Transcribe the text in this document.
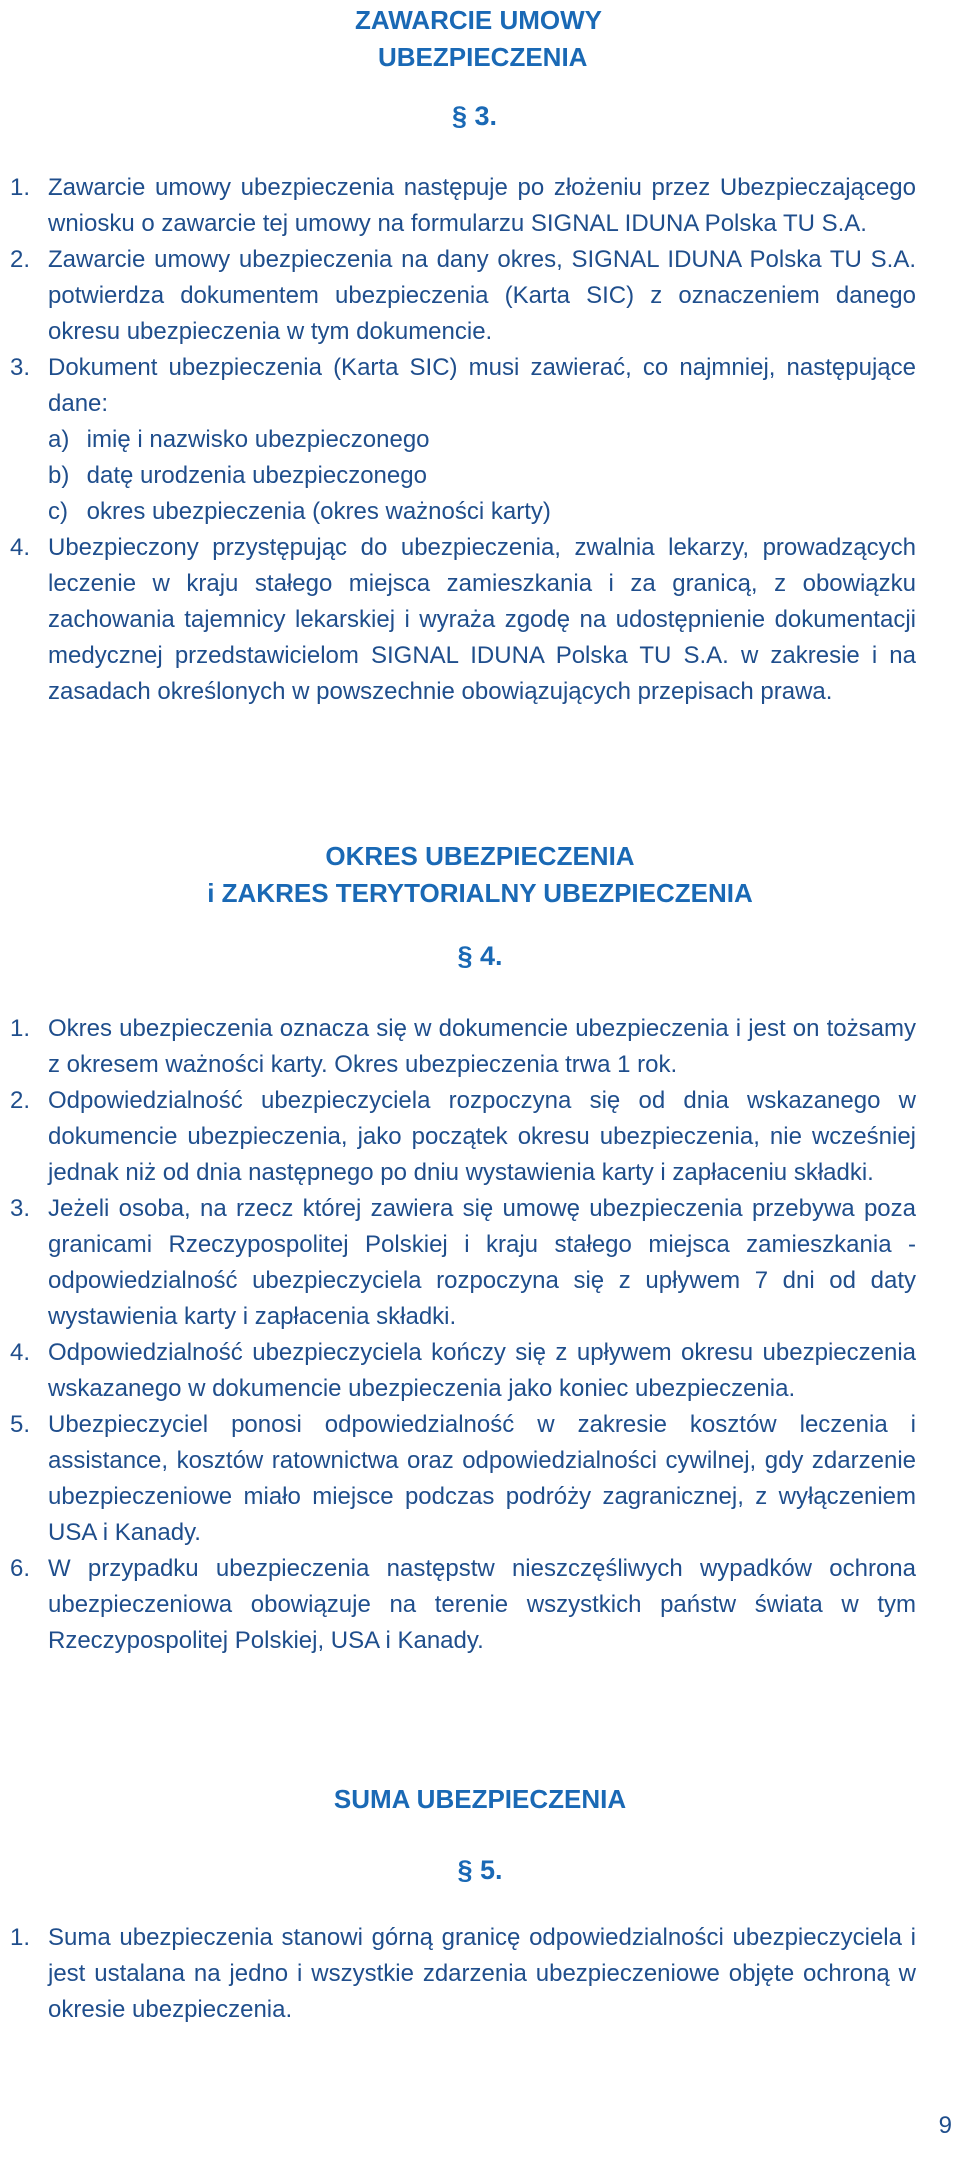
ZAWARCIE UMOWY
UBEZPIECZENIA
§ 3.
1. Zawarcie umowy ubezpieczenia następuje po złożeniu przez Ubezpieczającego wniosku o zawarcie tej umowy na formularzu SIGNAL IDUNA Polska TU S.A.
2. Zawarcie umowy ubezpieczenia na dany okres, SIGNAL IDUNA Polska TU S.A. potwierdza dokumentem ubezpieczenia (Karta SIC) z oznaczeniem danego okresu ubezpieczenia w tym dokumencie.
3. Dokument ubezpieczenia (Karta SIC) musi zawierać, co najmniej, następujące dane:
a) imię i nazwisko ubezpieczonego
b) datę urodzenia ubezpieczonego
c) okres ubezpieczenia (okres ważności karty)
4. Ubezpieczony przystępując do ubezpieczenia, zwalnia lekarzy, prowadzących leczenie w kraju stałego miejsca zamieszkania i za granicą, z obowiązku zachowania tajemnicy lekarskiej i wyraża zgodę na udostępnienie dokumentacji medycznej przedstawicielom SIGNAL IDUNA Polska TU S.A. w zakresie i na zasadach określonych w powszechnie obowiązujących przepisach prawa.
OKRES UBEZPIECZENIA
i ZAKRES TERYTORIALNY UBEZPIECZENIA
§ 4.
1. Okres ubezpieczenia oznacza się w dokumencie ubezpieczenia i jest on tożsamy z okresem ważności karty. Okres ubezpieczenia trwa 1 rok.
2. Odpowiedzialność ubezpieczyciela rozpoczyna się od dnia wskazanego w dokumencie ubezpieczenia, jako początek okresu ubezpieczenia, nie wcześniej jednak niż od dnia następnego po dniu wystawienia karty i zapłaceniu składki.
3. Jeżeli osoba, na rzecz której zawiera się umowę ubezpieczenia przebywa poza granicami Rzeczypospolitej Polskiej i kraju stałego miejsca zamieszkania - odpowiedzialność ubezpieczyciela rozpoczyna się z upływem 7 dni od daty wystawienia karty i zapłacenia składki.
4. Odpowiedzialność ubezpieczyciela kończy się z upływem okresu ubezpieczenia wskazanego w dokumencie ubezpieczenia jako koniec ubezpieczenia.
5. Ubezpieczyciel ponosi odpowiedzialność w zakresie kosztów leczenia i assistance, kosztów ratownictwa oraz odpowiedzialności cywilnej, gdy zdarzenie ubezpieczeniowe miało miejsce podczas podróży zagranicznej, z wyłączeniem USA i Kanady.
6. W przypadku ubezpieczenia następstw nieszczęśliwych wypadków ochrona ubezpieczeniowa obowiązuje na terenie wszystkich państw świata w tym Rzeczypospolitej Polskiej, USA i Kanady.
SUMA UBEZPIECZENIA
§ 5.
1. Suma ubezpieczenia stanowi górną granicę odpowiedzialności ubezpieczyciela i jest ustalana na jedno i wszystkie zdarzenia ubezpieczeniowe objęte ochroną w okresie ubezpieczenia.
9
